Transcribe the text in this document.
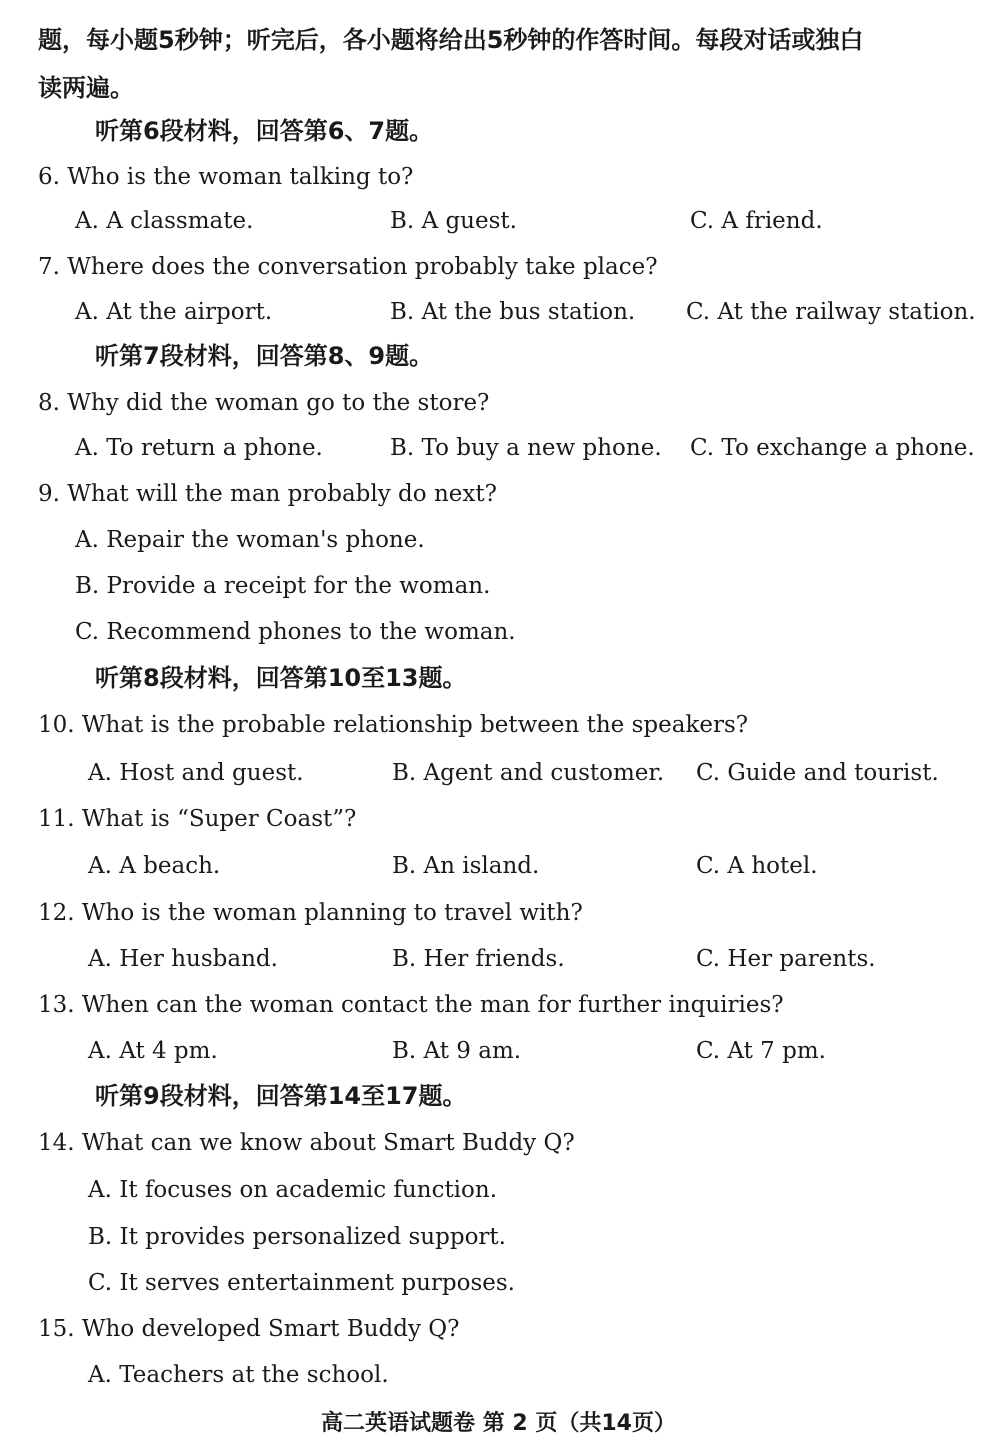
题，每小题5秒钟；听完后，各小题将给出5秒钟的作答时间。每段对话或独白
读两遍。
听第6段材料，回答第6、7题。
6. Who is the woman talking to?
A. A classmate.	B. A guest.	C. A friend.
7. Where does the conversation probably take place?
A. At the airport.	B. At the bus station. C. At the railway station.
听第7段材料，回答第8、9题。
8. Why did the woman go to the store?
A. To return a phone.	B. To buy a new phone. C. To exchange a phone.
9. What will the man probably do next?
A. Repair the woman's phone.
B. Provide a receipt for the woman.
C. Recommend phones to the woman.
听第8段材料，回答第10至13题。
10. What is the probable relationship between the speakers?
A. Host and guest.	B. Agent and customer. C. Guide and tourist.
11. What is “Super Coast”?
A. A beach.	B. An island.	C. A hotel.
12. Who is the woman planning to travel with?
A. Her husband.	B. Her friends.	C. Her parents.
13. When can the woman contact the man for further inquiries?
A. At 4 pm.	B. At 9 am.	C. At 7 pm.
听第9段材料，回答第14至17题。
14. What can we know about Smart Buddy Q?
A. It focuses on academic function.
B. It provides personalized support.
C. It serves entertainment purposes.
15. Who developed Smart Buddy Q?
A. Teachers at the school.
高二英语试题卷 第 2 页（共14页）
